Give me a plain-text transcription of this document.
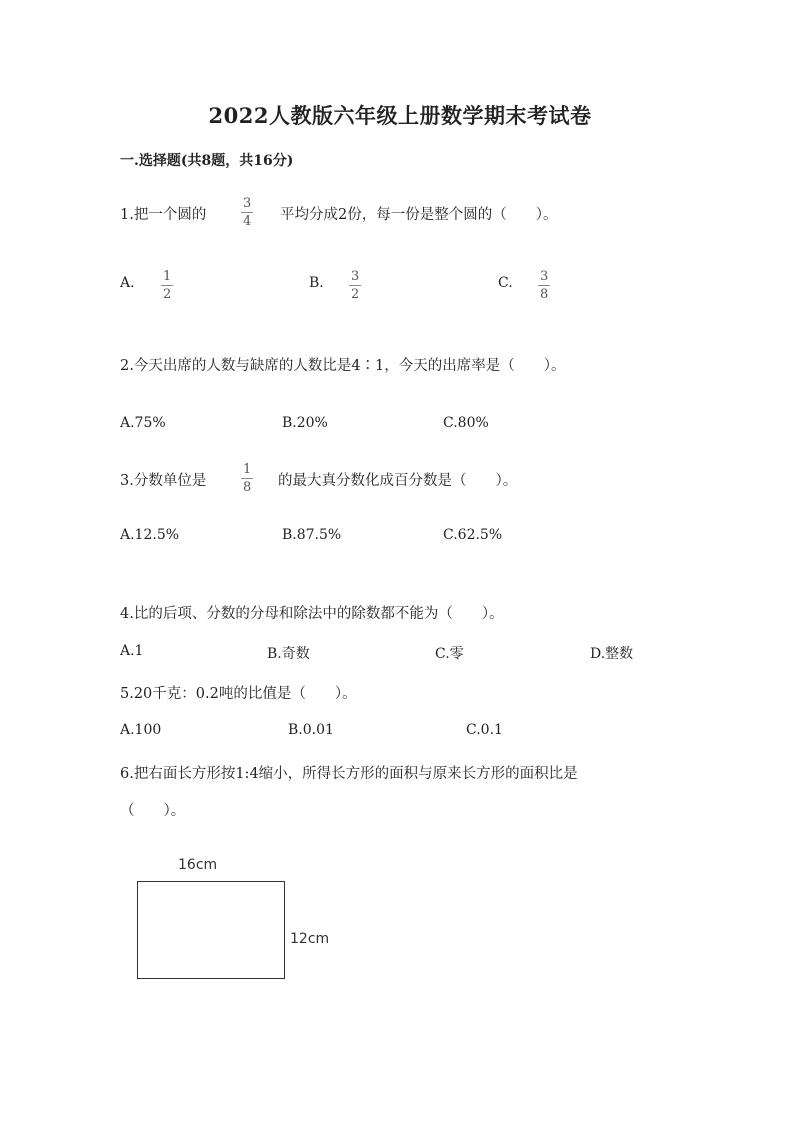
2022人教版六年级上册数学期末考试卷
一.选择题(共8题，共16分)
1.把一个圆的
3
4 平均分成2份，每一份是整个圆的（　　）。
A. 1
2
B. 3
2
C. 3
8
2.今天出席的人数与缺席的人数比是4∶1，今天的出席率是（　　）。
A.75%	B.20%	C.80%
3.分数单位是
1
8 的最大真分数化成百分数是（　　）。
A.12.5%	B.87.5%	C.62.5%
4.比的后项、分数的分母和除法中的除数都不能为（　　）。
A.1	B.奇数	C.零	D.整数
5.20千克：0.2吨的比值是（　　）。
A.100	B.0.01	C.0.1
6.把右面长方形按1:4缩小，所得长方形的面积与原来长方形的面积比是
（　　）。
16cm
12cm
